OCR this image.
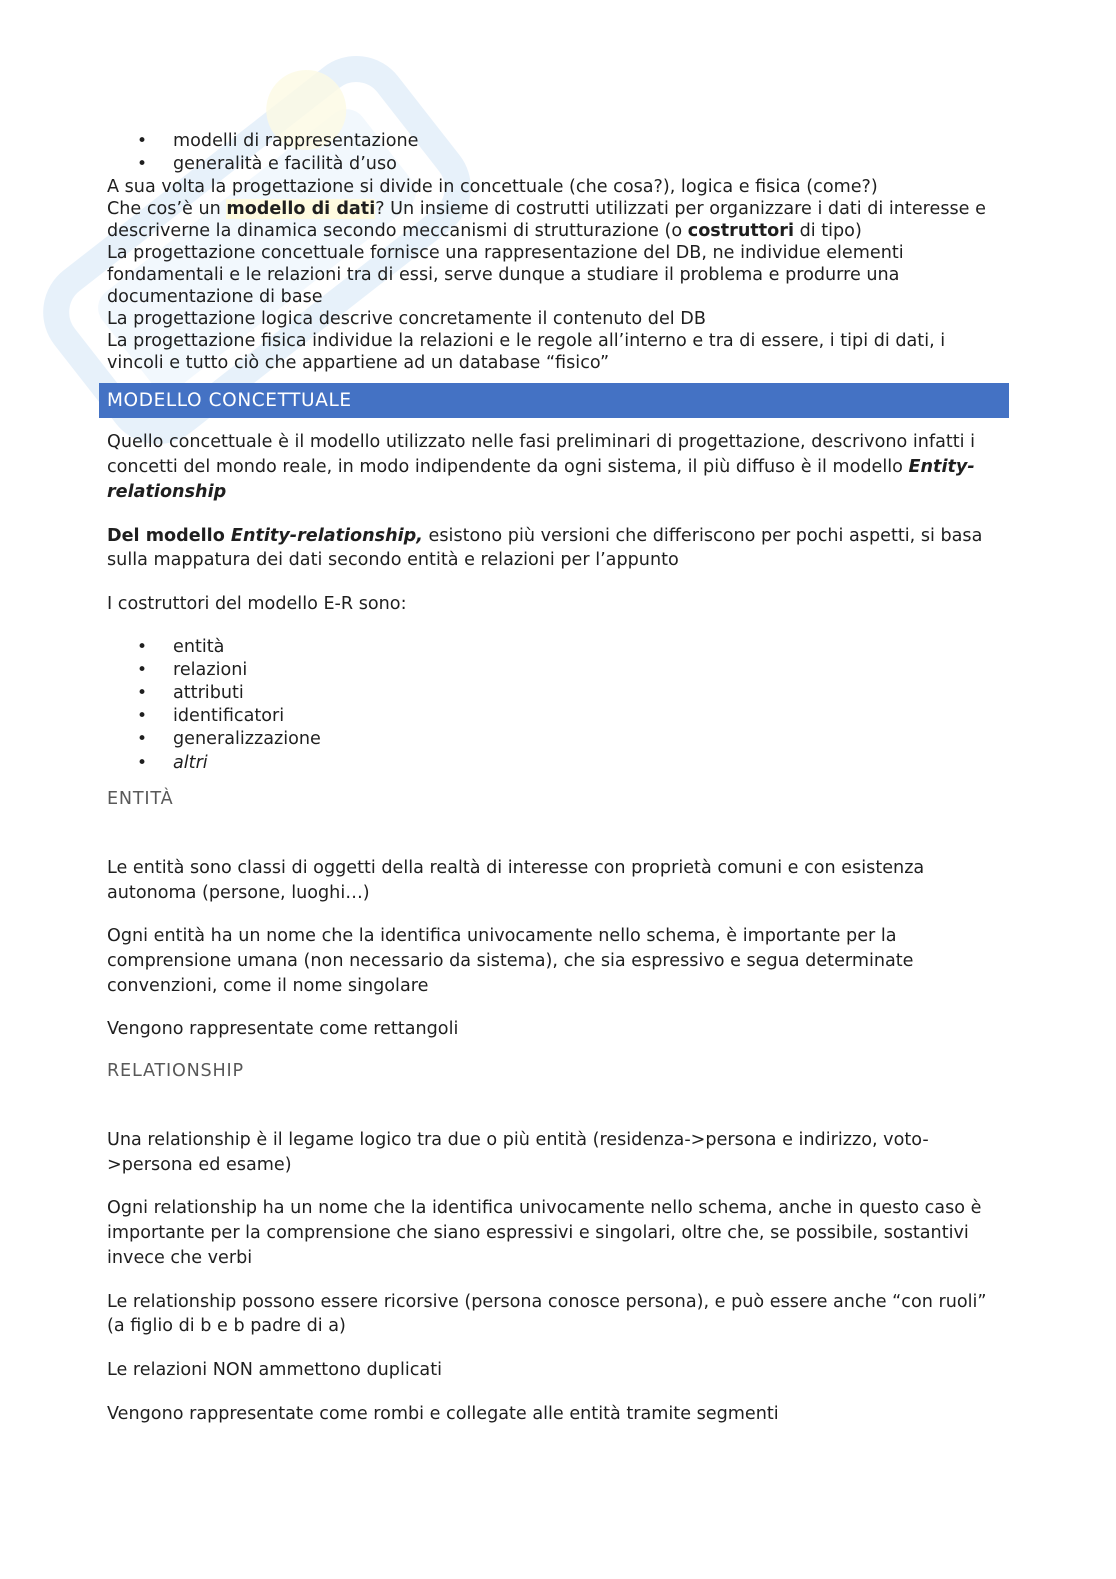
• modelli di rappresentazione
• generalità e facilità d’uso

A sua volta la progettazione si divide in concettuale (che cosa?), logica e fisica (come?)

Che cos’è un modello di dati? Un insieme di costrutti utilizzati per organizzare i dati di interesse e descriverne la dinamica secondo meccanismi di strutturazione (o costruttori di tipo)

La progettazione concettuale fornisce una rappresentazione del DB, ne individue elementi fondamentali e le relazioni tra di essi, serve dunque a studiare il problema e produrre una documentazione di base

La progettazione logica descrive concretamente il contenuto del DB

La progettazione fisica individue la relazioni e le regole all’interno e tra di essere, i tipi di dati, i vincoli e tutto ciò che appartiene ad un database “fisico”

MODELLO CONCETTUALE

Quello concettuale è il modello utilizzato nelle fasi preliminari di progettazione, descrivono infatti i concetti del mondo reale, in modo indipendente da ogni sistema, il più diffuso è il modello Entity-relationship

Del modello Entity-relationship, esistono più versioni che differiscono per pochi aspetti, si basa sulla mappatura dei dati secondo entità e relazioni per l’appunto

I costruttori del modello E-R sono:

• entità
• relazioni
• attributi
• identificatori
• generalizzazione
• altri

ENTITÀ

Le entità sono classi di oggetti della realtà di interesse con proprietà comuni e con esistenza autonoma (persone, luoghi…)

Ogni entità ha un nome che la identifica univocamente nello schema, è importante per la comprensione umana (non necessario da sistema), che sia espressivo e segua determinate convenzioni, come il nome singolare

Vengono rappresentate come rettangoli

RELATIONSHIP

Una relationship è il legame logico tra due o più entità (residenza->persona e indirizzo, voto->persona ed esame)

Ogni relationship ha un nome che la identifica univocamente nello schema, anche in questo caso è importante per la comprensione che siano espressivi e singolari, oltre che, se possibile, sostantivi invece che verbi

Le relationship possono essere ricorsive (persona conosce persona), e può essere anche “con ruoli” (a figlio di b e b padre di a)

Le relazioni NON ammettono duplicati

Vengono rappresentate come rombi e collegate alle entità tramite segmenti
